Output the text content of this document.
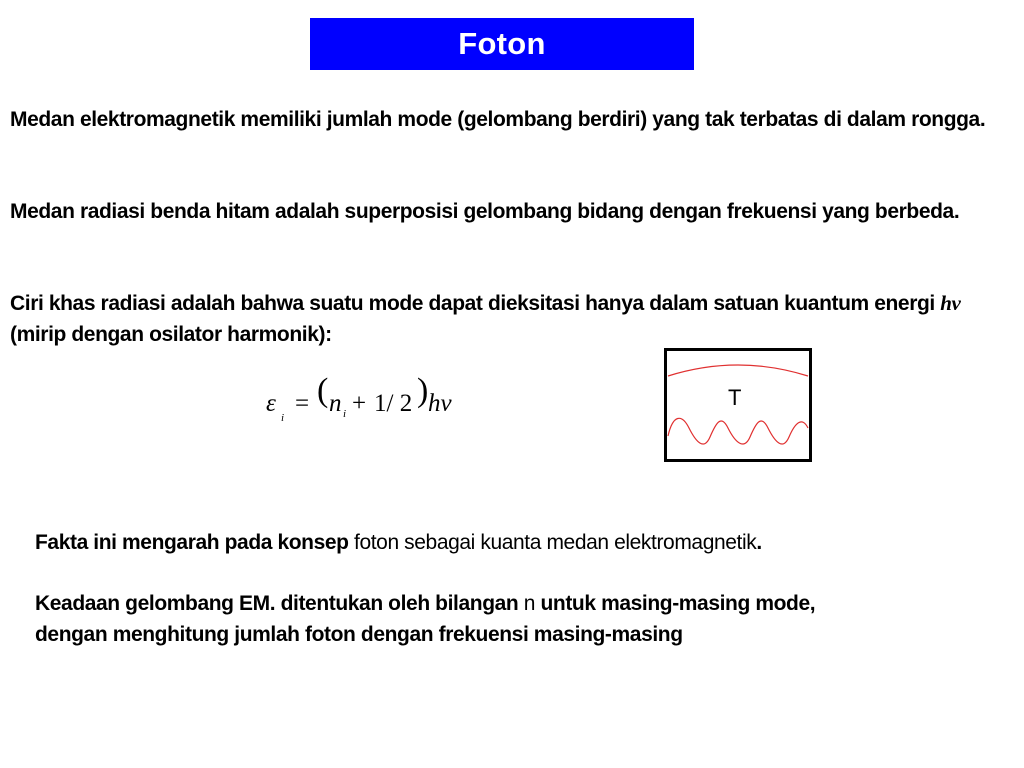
Foton

Medan elektromagnetik memiliki jumlah mode (gelombang berdiri) yang tak terbatas di dalam rongga.

Medan radiasi benda hitam adalah superposisi gelombang bidang dengan frekuensi yang berbeda.

Ciri khas radiasi adalah bahwa suatu mode dapat dieksitasi hanya dalam satuan kuantum energi hν (mirip dengan osilator harmonik):

ε
i
= ( n i + 1/ 2 ) hν	T

Fakta ini mengarah pada konsep foton sebagai kuanta medan elektromagnetik.

Keadaan gelombang EM. ditentukan oleh bilangan n untuk masing-masing mode,
dengan menghitung jumlah foton dengan frekuensi masing-masing
